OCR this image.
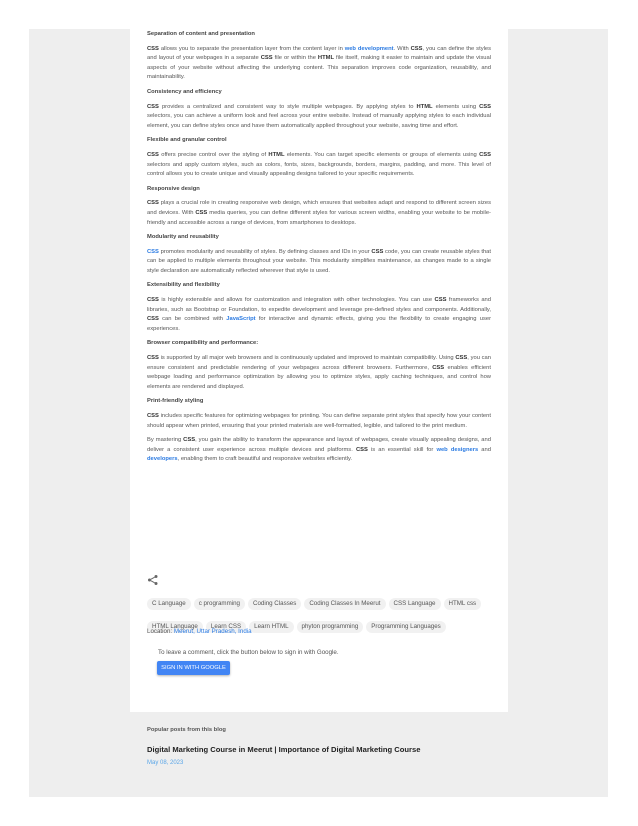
Separation of content and presentation

CSS allows you to separate the presentation layer from the content layer in web development. With CSS, you can define the styles and layout of your webpages in a separate CSS file or within the HTML file itself, making it easier to maintain and update the visual aspects of your website without affecting the underlying content. This separation improves code organization, reusability, and maintainability.

Consistency and efficiency

CSS provides a centralized and consistent way to style multiple webpages. By applying styles to HTML elements using CSS selectors, you can achieve a uniform look and feel across your entire website. Instead of manually applying styles to each individual element, you can define styles once and have them automatically applied throughout your website, saving time and effort.

Flexible and granular control

CSS offers precise control over the styling of HTML elements. You can target specific elements or groups of elements using CSS selectors and apply custom styles, such as colors, fonts, sizes, backgrounds, borders, margins, padding, and more. This level of control allows you to create unique and visually appealing designs tailored to your specific requirements.

Responsive design

CSS plays a crucial role in creating responsive web design, which ensures that websites adapt and respond to different screen sizes and devices. With CSS media queries, you can define different styles for various screen widths, enabling your website to be mobile-friendly and accessible across a range of devices, from smartphones to desktops.

Modularity and reusability

CSS promotes modularity and reusability of styles. By defining classes and IDs in your CSS code, you can create reusable styles that can be applied to multiple elements throughout your website. This modularity simplifies maintenance, as changes made to a single style declaration are automatically reflected wherever that style is used.

Extensibility and flexibility

CSS is highly extensible and allows for customization and integration with other technologies. You can use CSS frameworks and libraries, such as Bootstrap or Foundation, to expedite development and leverage pre-defined styles and components. Additionally, CSS can be combined with JavaScript for interactive and dynamic effects, giving you the flexibility to create engaging user experiences.

Browser compatibility and performance:

CSS is supported by all major web browsers and is continuously updated and improved to maintain compatibility. Using CSS, you can ensure consistent and predictable rendering of your webpages across different browsers. Furthermore, CSS enables efficient webpage loading and performance optimization by allowing you to optimize styles, apply caching techniques, and control how elements are rendered and displayed.

Print-friendly styling

CSS includes specific features for optimizing webpages for printing. You can define separate print styles that specify how your content should appear when printed, ensuring that your printed materials are well-formatted, legible, and tailored to the print medium.

By mastering CSS, you gain the ability to transform the appearance and layout of webpages, create visually appealing designs, and deliver a consistent user experience across multiple devices and platforms. CSS is an essential skill for web designers and developers, enabling them to craft beautiful and responsive websites efficiently.

C Language c programming Coding Classes Coding Classes In Meerut CSS Language HTML cssHTML Language Learn CSS Learn HTML phyton programming Programming Languages
Location: Meerut, Uttar Pradesh, India
To leave a comment, click the button below to sign in with Google.
SIGN IN WITH GOOGLE
Popular posts from this blog
Digital Marketing Course in Meerut | Importance of Digital Marketing Course
May 08, 2023
